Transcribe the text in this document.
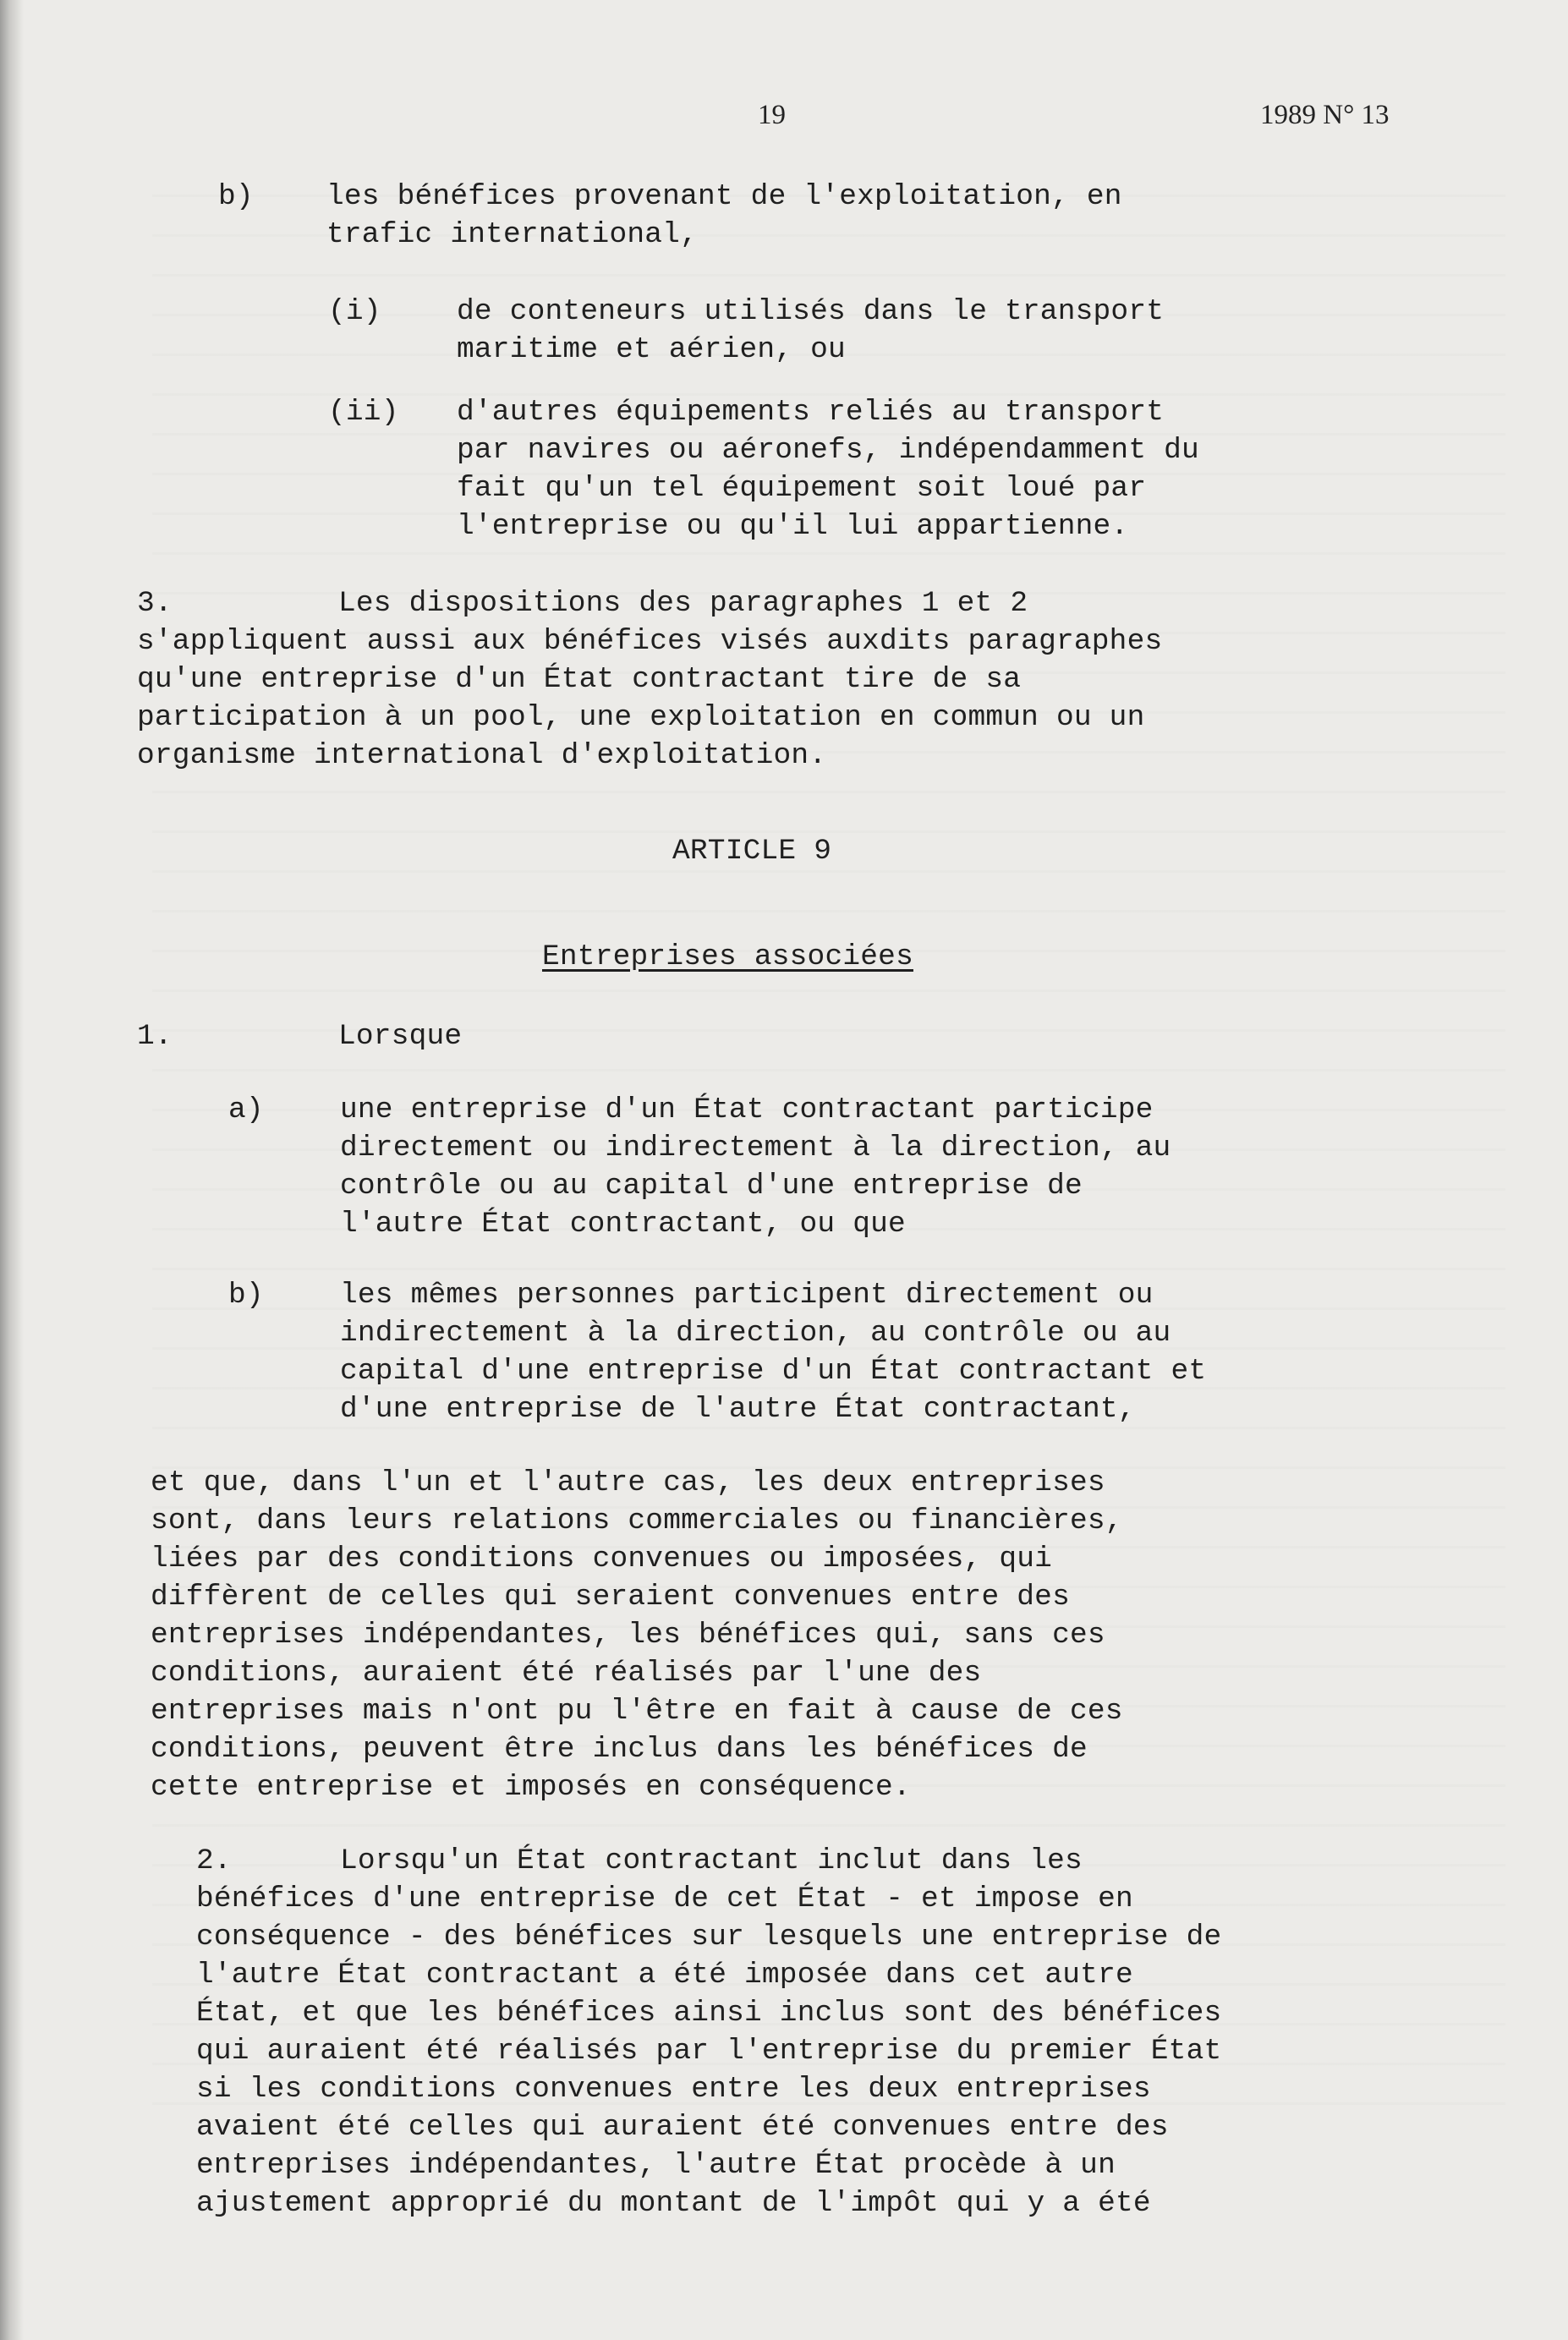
19	1989 N° 13
b) les bénéfices provenant de l'exploitation, en
trafic international,
(i)	de conteneurs utilisés dans le transport
maritime et aérien, ou
(ii) d'autres équipements reliés au transport
par navires ou aéronefs, indépendamment du
fait qu'un tel équipement soit loué par
l'entreprise ou qu'il lui appartienne.
3.	Les dispositions des paragraphes 1 et 2
s'appliquent aussi aux bénéfices visés auxdits paragraphes
qu'une entreprise d'un État contractant tire de sa
participation à un pool, une exploitation en commun ou un
organisme international d'exploitation.
ARTICLE 9
Entreprises associées
1.	Lorsque
a)	une entreprise d'un État contractant participe
directement ou indirectement à la direction, au
contrôle ou au capital d'une entreprise de
l'autre État contractant, ou que
b)	les mêmes personnes participent directement ou
indirectement à la direction, au contrôle ou au
capital d'une entreprise d'un État contractant et
d'une entreprise de l'autre État contractant,
et que, dans l'un et l'autre cas, les deux entreprises
sont, dans leurs relations commerciales ou financières,
liées par des conditions convenues ou imposées, qui
diffèrent de celles qui seraient convenues entre des
entreprises indépendantes, les bénéfices qui, sans ces
conditions, auraient été réalisés par l'une des
entreprises mais n'ont pu l'être en fait à cause de ces
conditions, peuvent être inclus dans les bénéfices de
cette entreprise et imposés en conséquence.
2.	Lorsqu'un État contractant inclut dans les
bénéfices d'une entreprise de cet État - et impose en
conséquence - des bénéfices sur lesquels une entreprise de
l'autre État contractant a été imposée dans cet autre
État, et que les bénéfices ainsi inclus sont des bénéfices
qui auraient été réalisés par l'entreprise du premier État
si les conditions convenues entre les deux entreprises
avaient été celles qui auraient été convenues entre des
entreprises indépendantes, l'autre État procède à un
ajustement approprié du montant de l'impôt qui y a été
